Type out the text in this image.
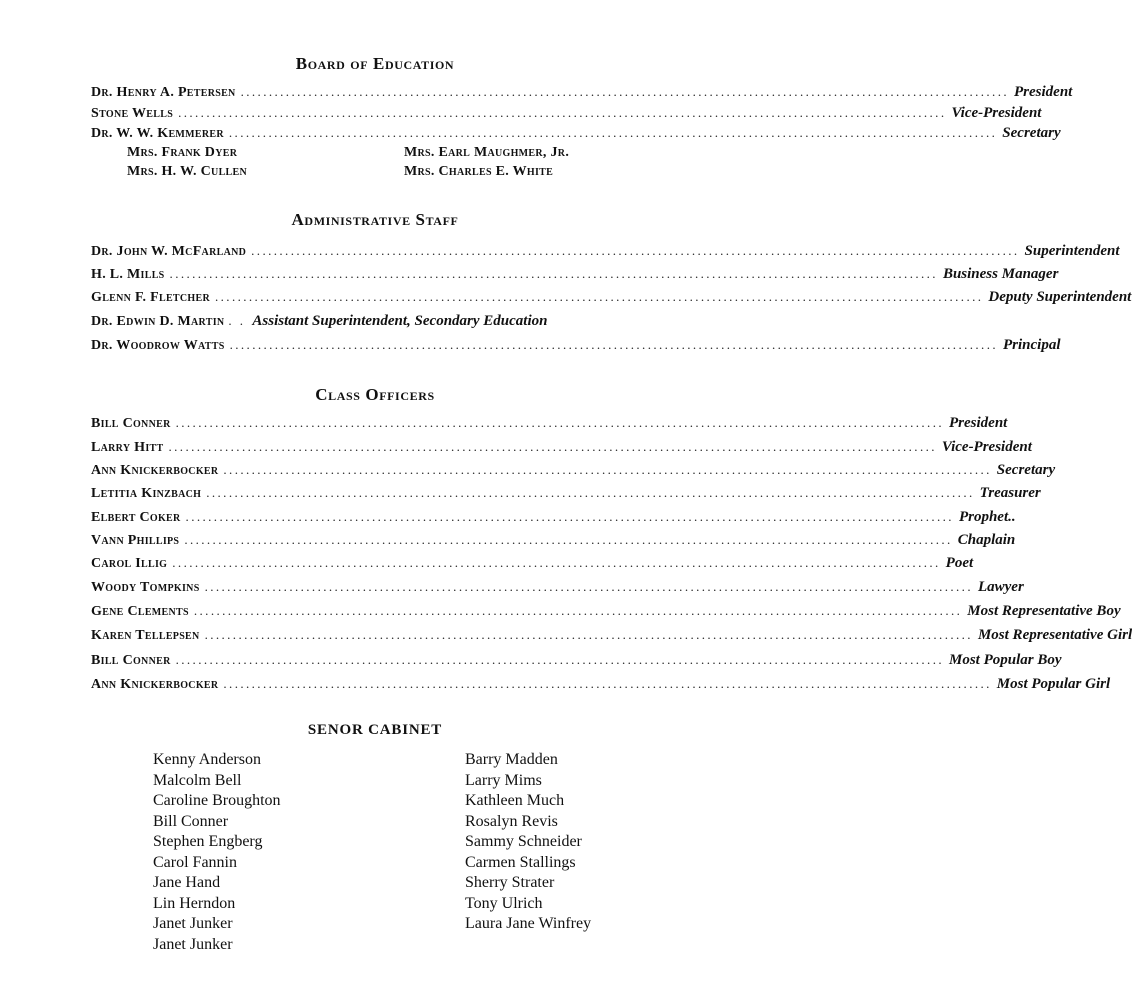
Board of Education
Dr. Henry A. Petersen ........................................................................................................................................ President
Stone Wells ........................................................................................................................................ Vice-President
Dr. W. W. Kemmerer ........................................................................................................................................ Secretary
Mrs. Frank Dyer	Mrs. Earl Maughmer, Jr.
Mrs. H. W. Cullen	Mrs. Charles E. White
Administrative Staff
Dr. John W. McFarland ........................................................................................................................................ Superintendent
H. L. Mills ........................................................................................................................................ Business Manager
Glenn F. Fletcher ........................................................................................................................................ Deputy Superintendent
Dr. Edwin D. Martin . . Assistant Superintendent, Secondary Education
Dr. Woodrow Watts ........................................................................................................................................ Principal
Class Officers
Bill Conner ........................................................................................................................................ President
Larry Hitt ........................................................................................................................................ Vice-President
Ann Knickerbocker ........................................................................................................................................ Secretary
Letitia Kinzbach ........................................................................................................................................ Treasurer
Elbert Coker ........................................................................................................................................ Prophet..
Vann Phillips ........................................................................................................................................ Chaplain
Carol Illig ........................................................................................................................................ Poet
Woody Tompkins ........................................................................................................................................ Lawyer
Gene Clements ........................................................................................................................................ Most Representative Boy
Karen Tellepsen ........................................................................................................................................ Most Representative Girl
Bill Conner ........................................................................................................................................ Most Popular Boy
Ann Knickerbocker ........................................................................................................................................ Most Popular Girl
SENOR CABINET
Kenny Anderson
Malcolm Bell
Caroline Broughton
Bill Conner
Stephen Engberg
Carol Fannin
Jane Hand
Lin Herndon
Janet Junker
Janet Junker
Barry Madden
Larry Mims
Kathleen Much
Rosalyn Revis
Sammy Schneider
Carmen Stallings
Sherry Strater
Tony Ulrich
Laura Jane Winfrey
